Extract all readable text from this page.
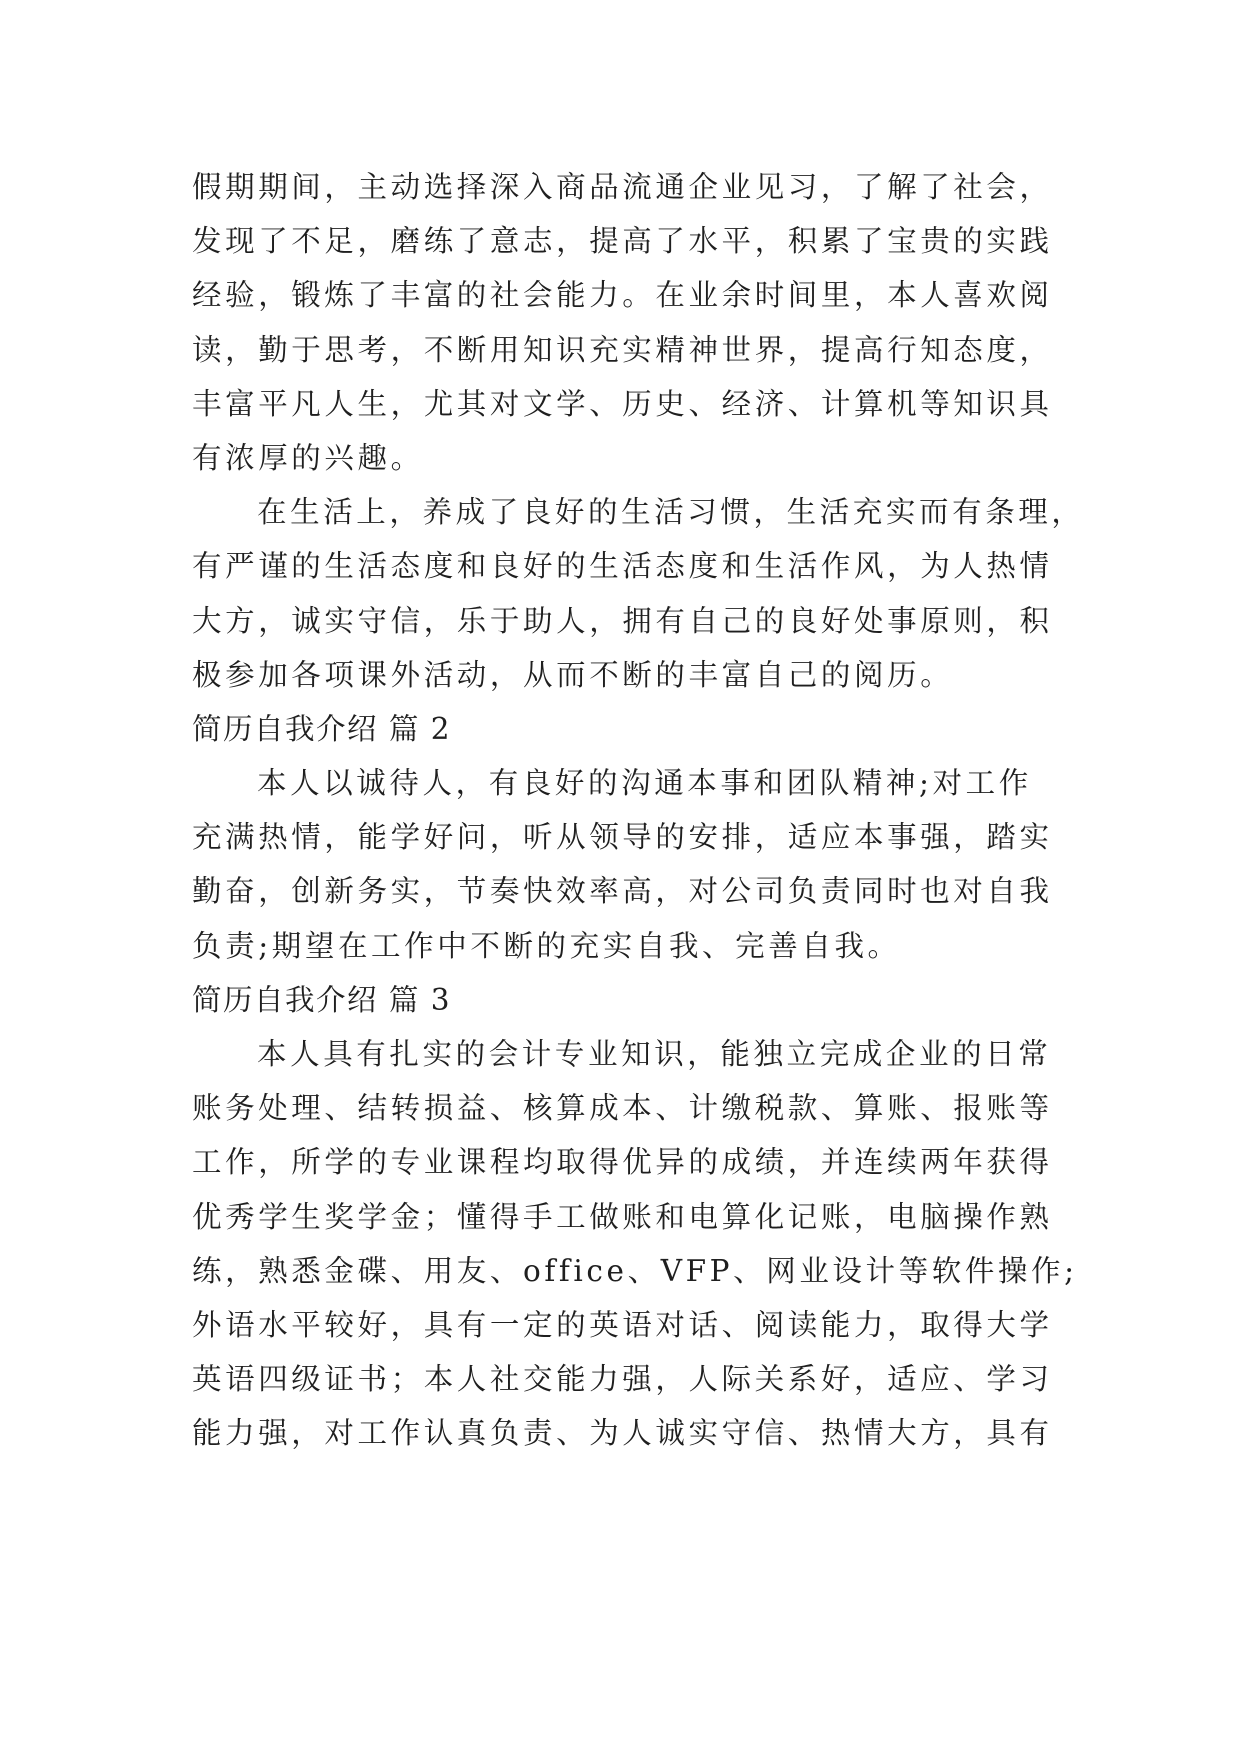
假期期间，主动选择深入商品流通企业见习，了解了社会，
发现了不足，磨练了意志，提高了水平，积累了宝贵的实践
经验，锻炼了丰富的社会能力。在业余时间里，本人喜欢阅
读，勤于思考，不断用知识充实精神世界，提高行知态度，
丰富平凡人生，尤其对文学、历史、经济、计算机等知识具
有浓厚的兴趣。
在生活上，养成了良好的生活习惯，生活充实而有条理，
有严谨的生活态度和良好的生活态度和生活作风，为人热情
大方，诚实守信，乐于助人，拥有自己的良好处事原则，积
极参加各项课外活动，从而不断的丰富自己的阅历。
简历自我介绍 篇 2
本人以诚待人，有良好的沟通本事和团队精神;对工作
充满热情，能学好问，听从领导的安排，适应本事强，踏实
勤奋，创新务实，节奏快效率高，对公司负责同时也对自我
负责;期望在工作中不断的充实自我、完善自我。
简历自我介绍 篇 3
本人具有扎实的会计专业知识，能独立完成企业的日常
账务处理、结转损益、核算成本、计缴税款、算账、报账等
工作，所学的专业课程均取得优异的成绩，并连续两年获得
优秀学生奖学金；懂得手工做账和电算化记账，电脑操作熟
练，熟悉金碟、用友、office、VFP、网业设计等软件操作;
外语水平较好，具有一定的英语对话、阅读能力，取得大学
英语四级证书；本人社交能力强，人际关系好，适应、学习
能力强，对工作认真负责、为人诚实守信、热情大方，具有
